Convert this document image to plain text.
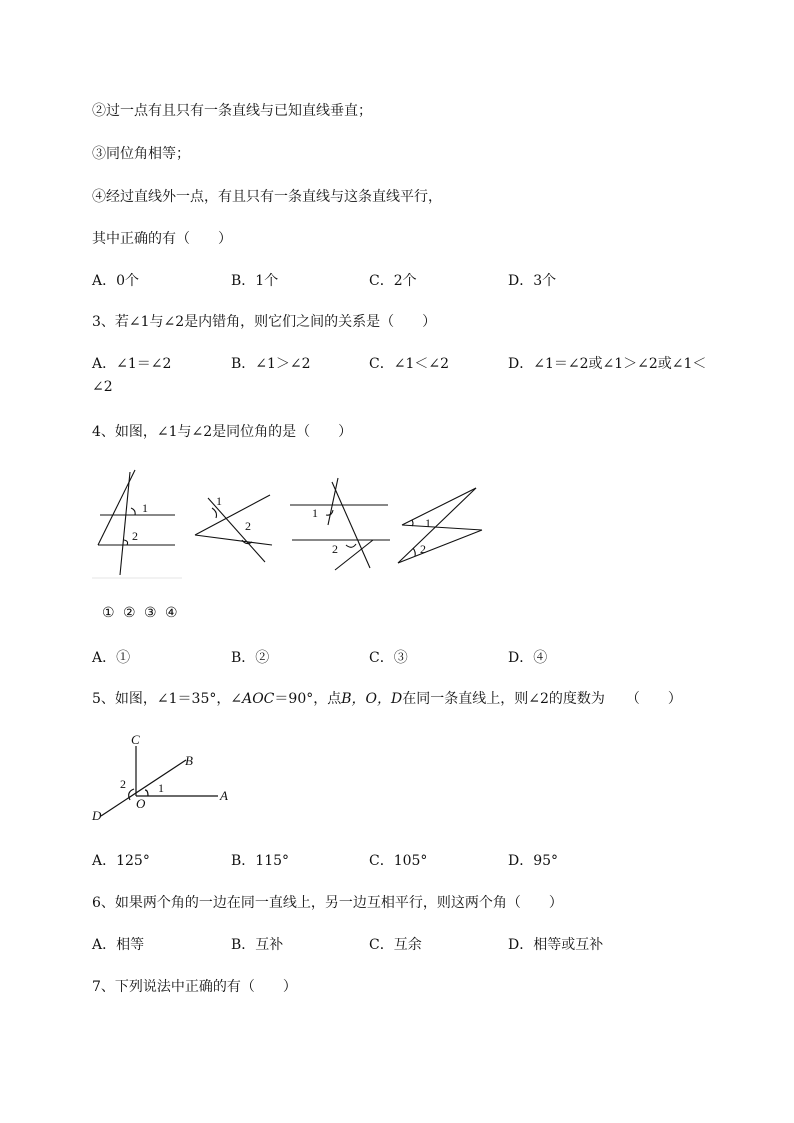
②过一点有且只有一条直线与已知直线垂直；
③同位角相等；
④经过直线外一点，有且只有一条直线与这条直线平行，
其中正确的有（　　）
A．0个	B．1个	C．2个	D．3个
3、若∠1与∠2是内错角，则它们之间的关系是（　　）
A．∠1＝∠2	B．∠1＞∠2	C．∠1＜∠2	D．∠1＝∠2或∠1＞∠2或∠1＜
∠2
4、如图，∠1与∠2是同位角的是（　　）
1
2
1
2
1
2
1
2
① ② ③ ④
A．①	B．②	C．③	D．④
5、如图，∠1＝35°，∠AOC＝90°，点B，O，D在同一条直线上，则∠2的度数为　　（　　）
C
B
A
D
O
1
2
A．125°	B．115°	C．105°	D．95°
6、如果两个角的一边在同一直线上，另一边互相平行，则这两个角（　　）
A．相等	B．互补	C．互余	D．相等或互补
7、下列说法中正确的有（　　）
